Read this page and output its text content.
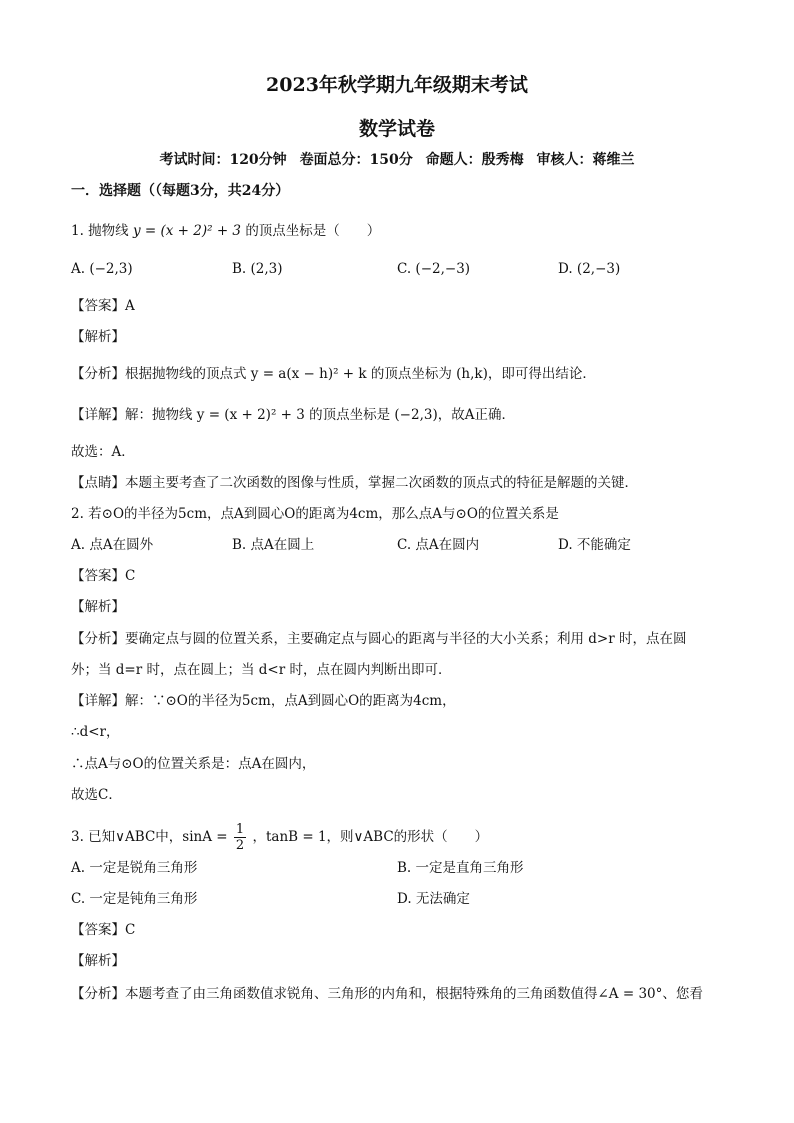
2023年秋学期九年级期末考试
数学试卷
考试时间：120分钟 卷面总分：150分 命题人：殷秀梅 审核人：蒋维兰
一．选择题（（每题3分，共24分）
1. 抛物线 y = (x + 2)² + 3 的顶点坐标是（　　）
A. (−2,3)	B. (2,3)	C. (−2,−3)	D. (2,−3)
【答案】A
【解析】
【分析】根据抛物线的顶点式 y = a(x − h)² + k 的顶点坐标为 (h,k)，即可得出结论．
【详解】解：抛物线 y = (x + 2)² + 3 的顶点坐标是 (−2,3)，故A正确．
故选：A．
【点睛】本题主要考查了二次函数的图像与性质，掌握二次函数的顶点式的特征是解题的关键．
2. 若⊙O的半径为5cm，点A到圆心O的距离为4cm，那么点A与⊙O的位置关系是
A. 点A在圆外	B. 点A在圆上	C. 点A在圆内	D. 不能确定
【答案】C
【解析】
【分析】要确定点与圆的位置关系，主要确定点与圆心的距离与半径的大小关系；利用 d>r 时，点在圆
外；当 d=r 时，点在圆上；当 d<r 时，点在圆内判断出即可．
【详解】解：∵⊙O的半径为5cm，点A到圆心O的距离为4cm，
∴d<r，
∴点A与⊙O的位置关系是：点A在圆内，
故选C．
3. 已知∨ABC中，$\sin A = \frac{1}{2}$ ，tanB = 1，则∨ABC的形状（　　）
A. 一定是锐角三角形	B. 一定是直角三角形
C. 一定是钝角三角形	D. 无法确定
【答案】C
【解析】
【分析】本题考查了由三角函数值求锐角、三角形的内角和，根据特殊角的三角函数值得∠A = 30°、您看
